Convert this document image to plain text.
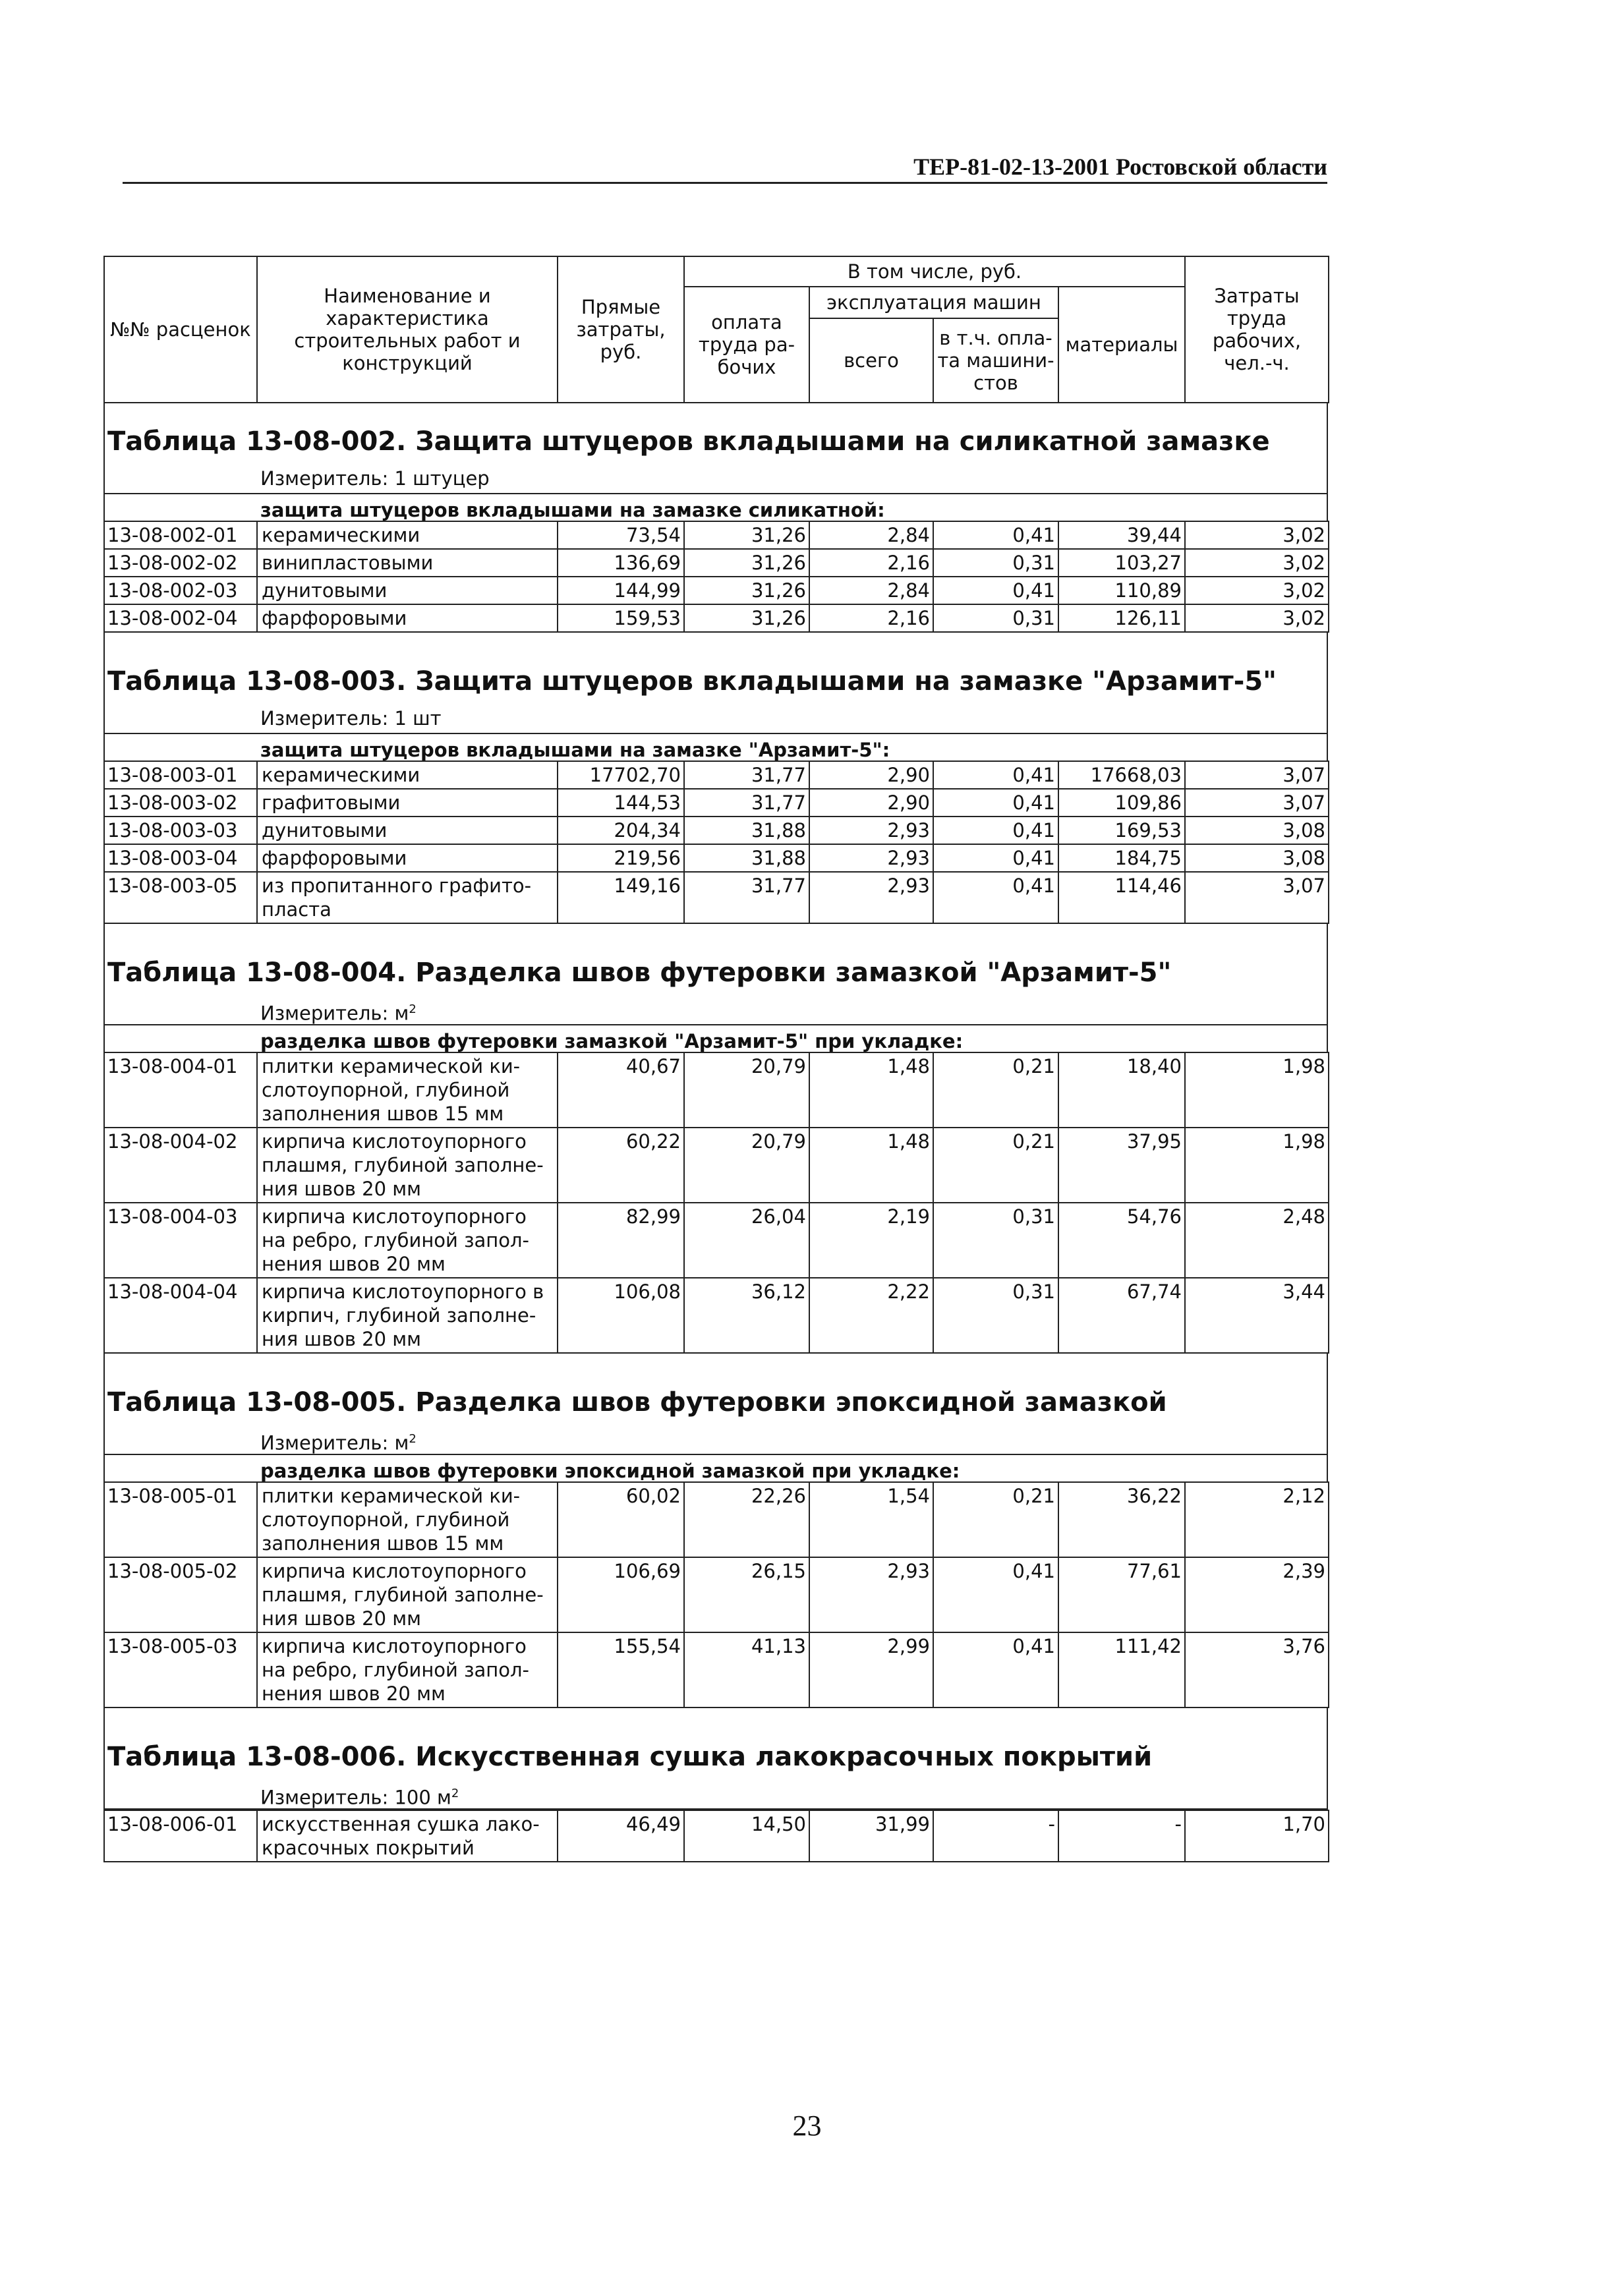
ТЕР-81-02-13-2001 Ростовской области
№№ расценок	Наименование и характеристика строительных работ и конструкций	Прямые затраты, руб.	В том числе, руб.				Затраты труда рабочих, чел.-ч.
			оплата труда ра-бочих	эксплуатация машин		материалы	
				всего	в т.ч. опла-та машини-стов		
Таблица 13-08-002. Защита штуцеров вкладышами на силикатной замазке
Измеритель: 1 штуцер
защита штуцеров вкладышами на замазке силикатной:
13-08-002-01	керамическими	73,54	31,26	2,84	0,41	39,44	3,02
13-08-002-02	винипластовыми	136,69	31,26	2,16	0,31	103,27	3,02
13-08-002-03	дунитовыми	144,99	31,26	2,84	0,41	110,89	3,02
13-08-002-04	фарфоровыми	159,53	31,26	2,16	0,31	126,11	3,02
Таблица 13-08-003. Защита штуцеров вкладышами на замазке "Арзамит-5"
Измеритель: 1 шт
защита штуцеров вкладышами на замазке "Арзамит-5":
13-08-003-01	керамическими	17702,70	31,77	2,90	0,41	17668,03	3,07
13-08-003-02	графитовыми	144,53	31,77	2,90	0,41	109,86	3,07
13-08-003-03	дунитовыми	204,34	31,88	2,93	0,41	169,53	3,08
13-08-003-04	фарфоровыми	219,56	31,88	2,93	0,41	184,75	3,08
13-08-003-05	из пропитанного графито-пласта	149,16	31,77	2,93	0,41	114,46	3,07
Таблица 13-08-004. Разделка швов футеровки замазкой "Арзамит-5"
Измеритель: $м^2$
разделка швов футеровки замазкой "Арзамит-5" при укладке:
13-08-004-01	плитки керамической ки-слотоупорной, глубиной заполнения швов 15 мм	40,67	20,79	1,48	0,21	18,40	1,98
13-08-004-02	кирпича кислотоупорного плашмя, глубиной заполне-ния швов 20 мм	60,22	20,79	1,48	0,21	37,95	1,98
13-08-004-03	кирпича кислотоупорного на ребро, глубиной запол-нения швов 20 мм	82,99	26,04	2,19	0,31	54,76	2,48
13-08-004-04	кирпича кислотоупорного в кирпич, глубиной заполне-ния швов 20 мм	106,08	36,12	2,22	0,31	67,74	3,44
Таблица 13-08-005. Разделка швов футеровки эпоксидной замазкой
Измеритель: $м^2$
разделка швов футеровки эпоксидной замазкой при укладке:
13-08-005-01	плитки керамической ки-слотоупорной, глубиной заполнения швов 15 мм	60,02	22,26	1,54	0,21	36,22	2,12
13-08-005-02	кирпича кислотоупорного плашмя, глубиной заполне-ния швов 20 мм	106,69	26,15	2,93	0,41	77,61	2,39
13-08-005-03	кирпича кислотоупорного на ребро, глубиной запол-нения швов 20 мм	155,54	41,13	2,99	0,41	111,42	3,76
Таблица 13-08-006. Искусственная сушка лакокрасочных покрытий
Измеритель: 100 $м^2$
13-08-006-01	искусственная сушка лако-красочных покрытий	46,49	14,50	31,99	-	-	1,70
23
